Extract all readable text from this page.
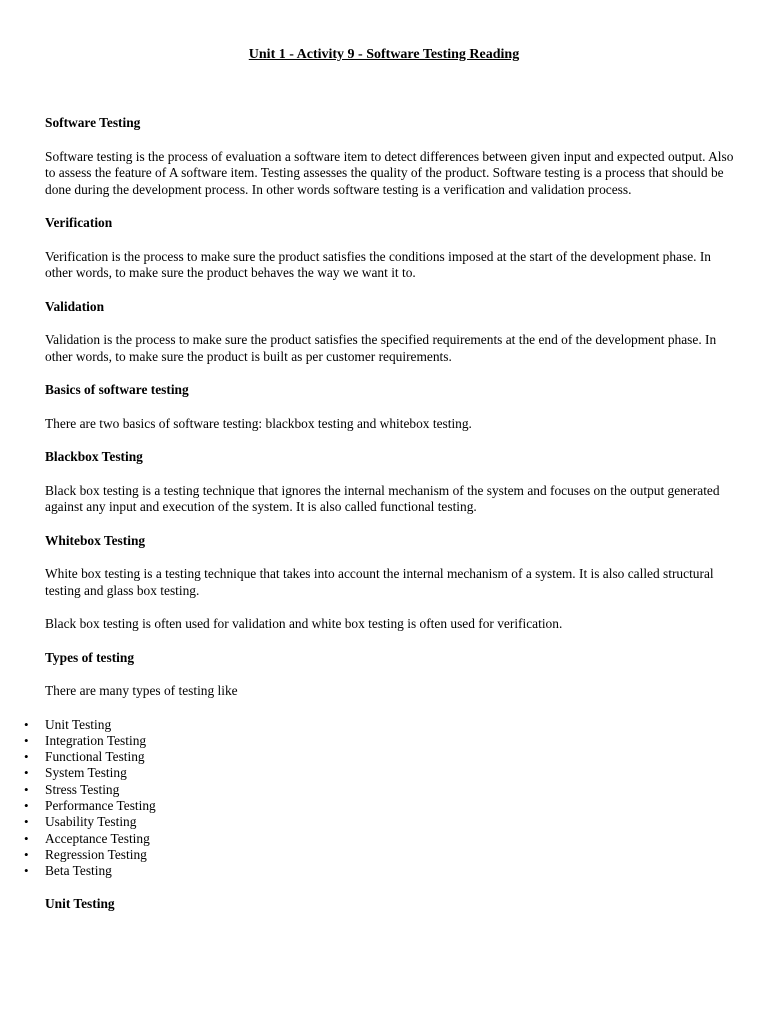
Unit 1 - Activity 9 - Software Testing Reading
Software Testing
Software testing is the process of evaluation a software item to detect differences between given input and expected output. Also to assess the feature of A software item. Testing assesses the quality of the product. Software testing is a process that should be done during the development process. In other words software testing is a verification and validation process.
Verification
Verification is the process to make sure the product satisfies the conditions imposed at the start of the development phase. In other words, to make sure the product behaves the way we want it to.
Validation
Validation is the process to make sure the product satisfies the specified requirements at the end of the development phase. In other words, to make sure the product is built as per customer requirements.
Basics of software testing
There are two basics of software testing: blackbox testing and whitebox testing.
Blackbox Testing
Black box testing is a testing technique that ignores the internal mechanism of the system and focuses on the output generated against any input and execution of the system. It is also called functional testing.
Whitebox Testing
White box testing is a testing technique that takes into account the internal mechanism of a system. It is also called structural testing and glass box testing.
Black box testing is often used for validation and white box testing is often used for verification.
Types of testing
There are many types of testing like
• Unit Testing
• Integration Testing
• Functional Testing
• System Testing
• Stress Testing
• Performance Testing
• Usability Testing
• Acceptance Testing
• Regression Testing
• Beta Testing
Unit Testing
